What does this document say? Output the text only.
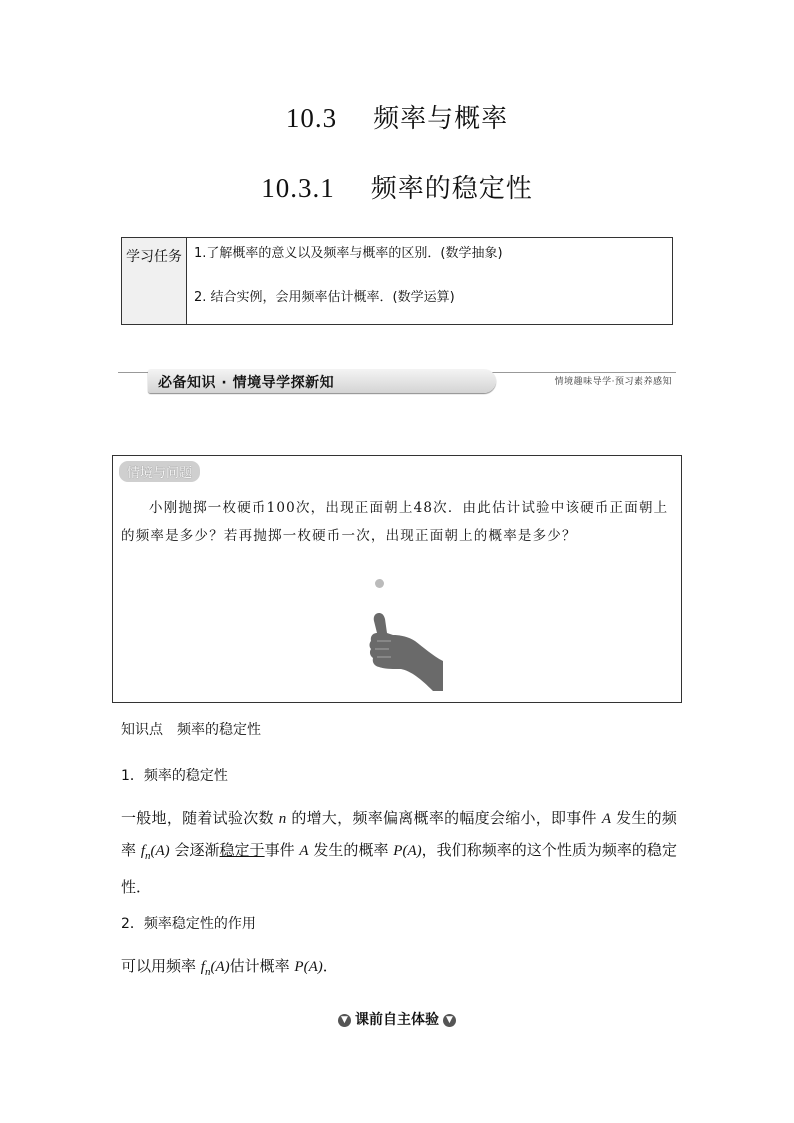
10.3 频率与概率
10.3.1 频率的稳定性
学习任务 1.了解概率的意义以及频率与概率的区别．(数学抽象)
2. 结合实例，会用频率估计概率．(数学运算)
必备知识 · 情境导学探新知	情境趣味导学·预习素养感知
情境与问题
小刚抛掷一枚硬币100次，出现正面朝上48次．由此估计试验中该硬币正面朝上的频率是多少？若再抛掷一枚硬币一次，出现正面朝上的概率是多少？
知识点　频率的稳定性
1．频率的稳定性
一般地，随着试验次数 n 的增大，频率偏离概率的幅度会缩小，即事件 A 发生的频率 $f_n(A)$ 会逐渐稳定于事件 A 发生的概率 P(A)，我们称频率的这个性质为频率的稳定性．
2．频率稳定性的作用
可以用频率 $f_n(A)$估计概率 P(A)．
▼ 课前自主体验 ▼
